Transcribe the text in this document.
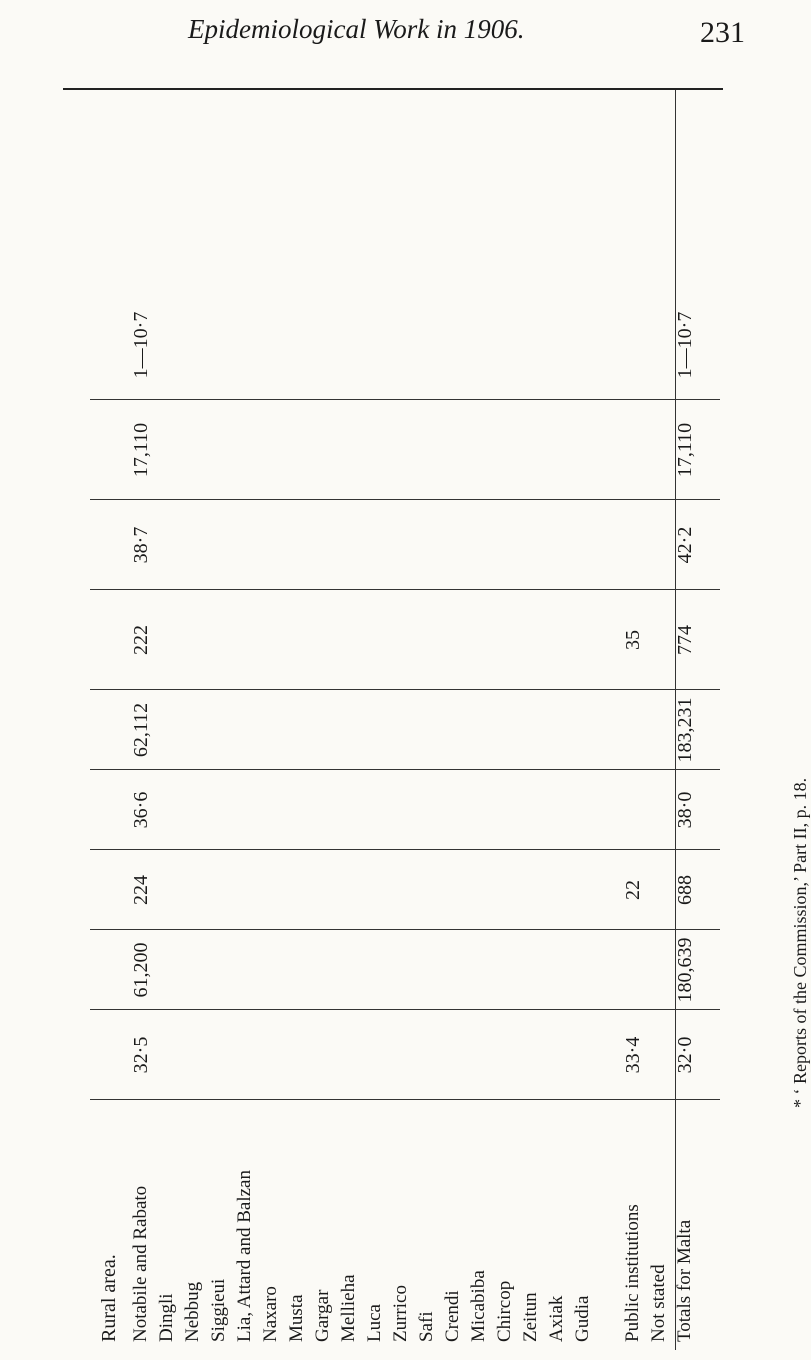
Epidemiological Work in 1906.	231
Rural area. Notabile and Rabato
32·5
61,200
224
36·6
62,112
222
38·7
17,110
1—10·7
Dingli Nebbug Siggieui Lia, Attard and Balzan Naxaro Musta Gargar Mellieha Luca Zurrico Safi Crendi Micabiba Chircop Zeitun Axiak Gudia Public institutions
33·4
22
35
Not stated Totals for Malta
32·0
180,639
688
38·0
183,231
774
42·2
17,110
1—10·7
* ‘ Reports of the Commission,’ Part II, p. 18.
